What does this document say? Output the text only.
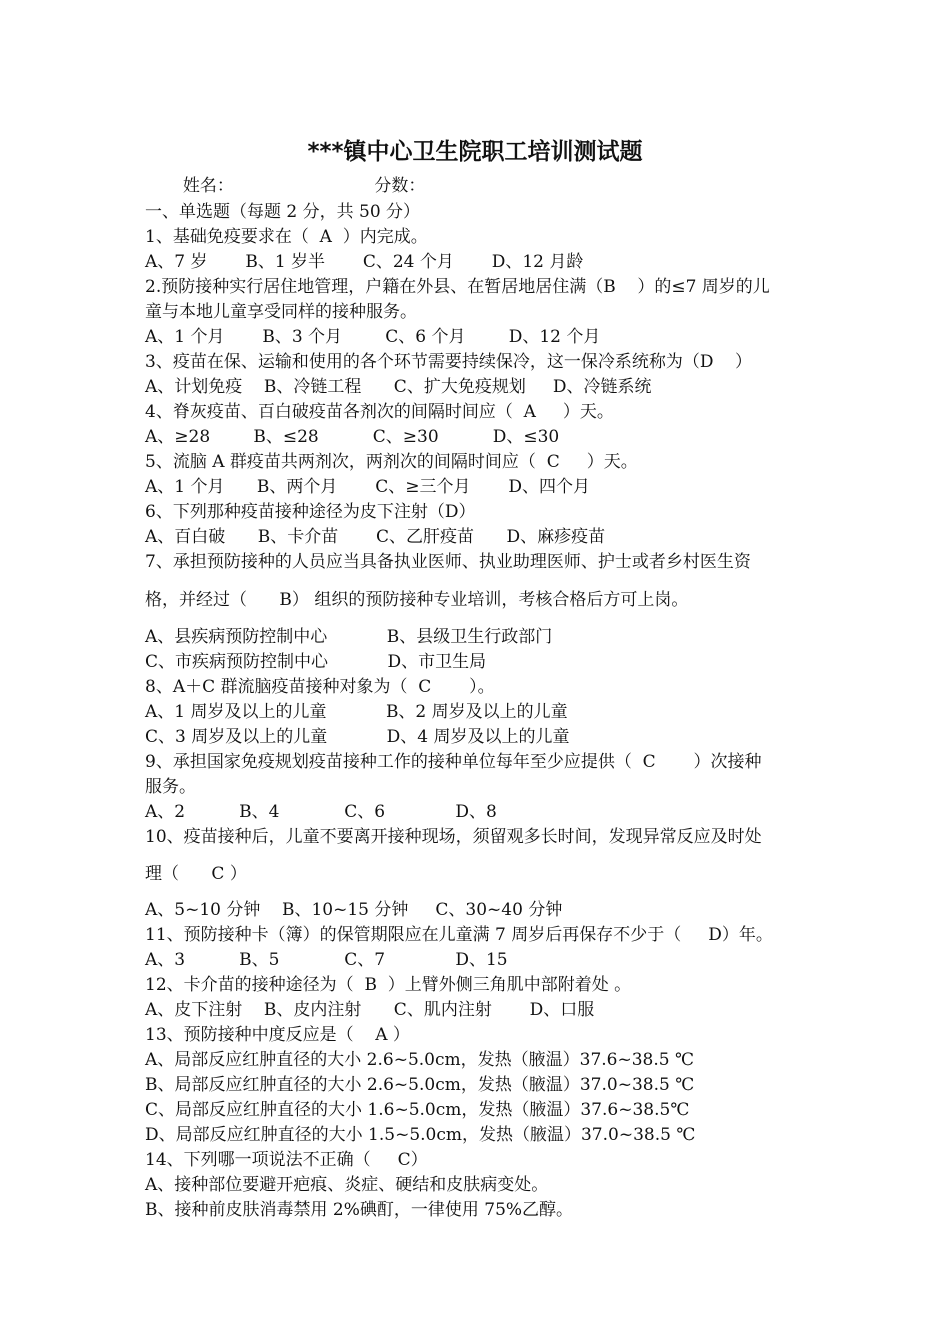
***镇中心卫生院职工培训测试题
姓名：                          分数：
一、单选题（每题 2 分，共 50 分）
1、基础免疫要求在（  A  ）内完成。
A、7 岁       B、1 岁半       C、24 个月       D、12 月龄
2.预防接种实行居住地管理，户籍在外县、在暂居地居住满（B    ）的≤7 周岁的儿
童与本地儿童享受同样的接种服务。
A、1 个月       B、3 个月        C、6 个月        D、12 个月
3、疫苗在保、运输和使用的各个环节需要持续保冷，这一保冷系统称为（D    ）
A、计划免疫    B、冷链工程      C、扩大免疫规划     D、冷链系统
4、脊灰疫苗、百白破疫苗各剂次的间隔时间应（  A     ）天。
A、≥28        B、≤28          C、≥30          D、≤30
5、流脑 A 群疫苗共两剂次，两剂次的间隔时间应（  C     ）天。
A、1 个月      B、两个月       C、≥三个月       D、四个月
6、下列那种疫苗接种途径为皮下注射（D）
A、百白破      B、卡介苗       C、乙肝疫苗      D、麻疹疫苗
7、承担预防接种的人员应当具备执业医师、执业助理医师、护士或者乡村医生资
格，并经过（      B） 组织的预防接种专业培训，考核合格后方可上岗。
A、县疾病预防控制中心           B、县级卫生行政部门
C、市疾病预防控制中心           D、市卫生局
8、A＋C 群流脑疫苗接种对象为（  C       ）。
A、1 周岁及以上的儿童           B、2 周岁及以上的儿童
C、3 周岁及以上的儿童           D、4 周岁及以上的儿童
9、承担国家免疫规划疫苗接种工作的接种单位每年至少应提供（  C       ）次接种
服务。
A、2          B、4            C、6             D、8
10、疫苗接种后，儿童不要离开接种现场，须留观多长时间，发现异常反应及时处
理（      C ）
A、5~10 分钟    B、10~15 分钟     C、30~40 分钟
11、预防接种卡（簿）的保管期限应在儿童满 7 周岁后再保存不少于（     D）年。
A、3          B、5            C、7             D、15
12、卡介苗的接种途径为（  B  ）上臂外侧三角肌中部附着处 。
A、皮下注射    B、皮内注射      C、肌内注射       D、口服
13、预防接种中度反应是（    A ）
A、局部反应红肿直径的大小 2.6~5.0cm，发热（腋温）37.6~38.5 ℃
B、局部反应红肿直径的大小 2.6~5.0cm，发热（腋温）37.0~38.5 ℃
C、局部反应红肿直径的大小 1.6~5.0cm，发热（腋温）37.6~38.5℃
D、局部反应红肿直径的大小 1.5~5.0cm，发热（腋温）37.0~38.5 ℃
14、下列哪一项说法不正确（     C）
A、接种部位要避开疤痕、炎症、硬结和皮肤病变处。
B、接种前皮肤消毒禁用 2%碘酊，一律使用 75%乙醇。
